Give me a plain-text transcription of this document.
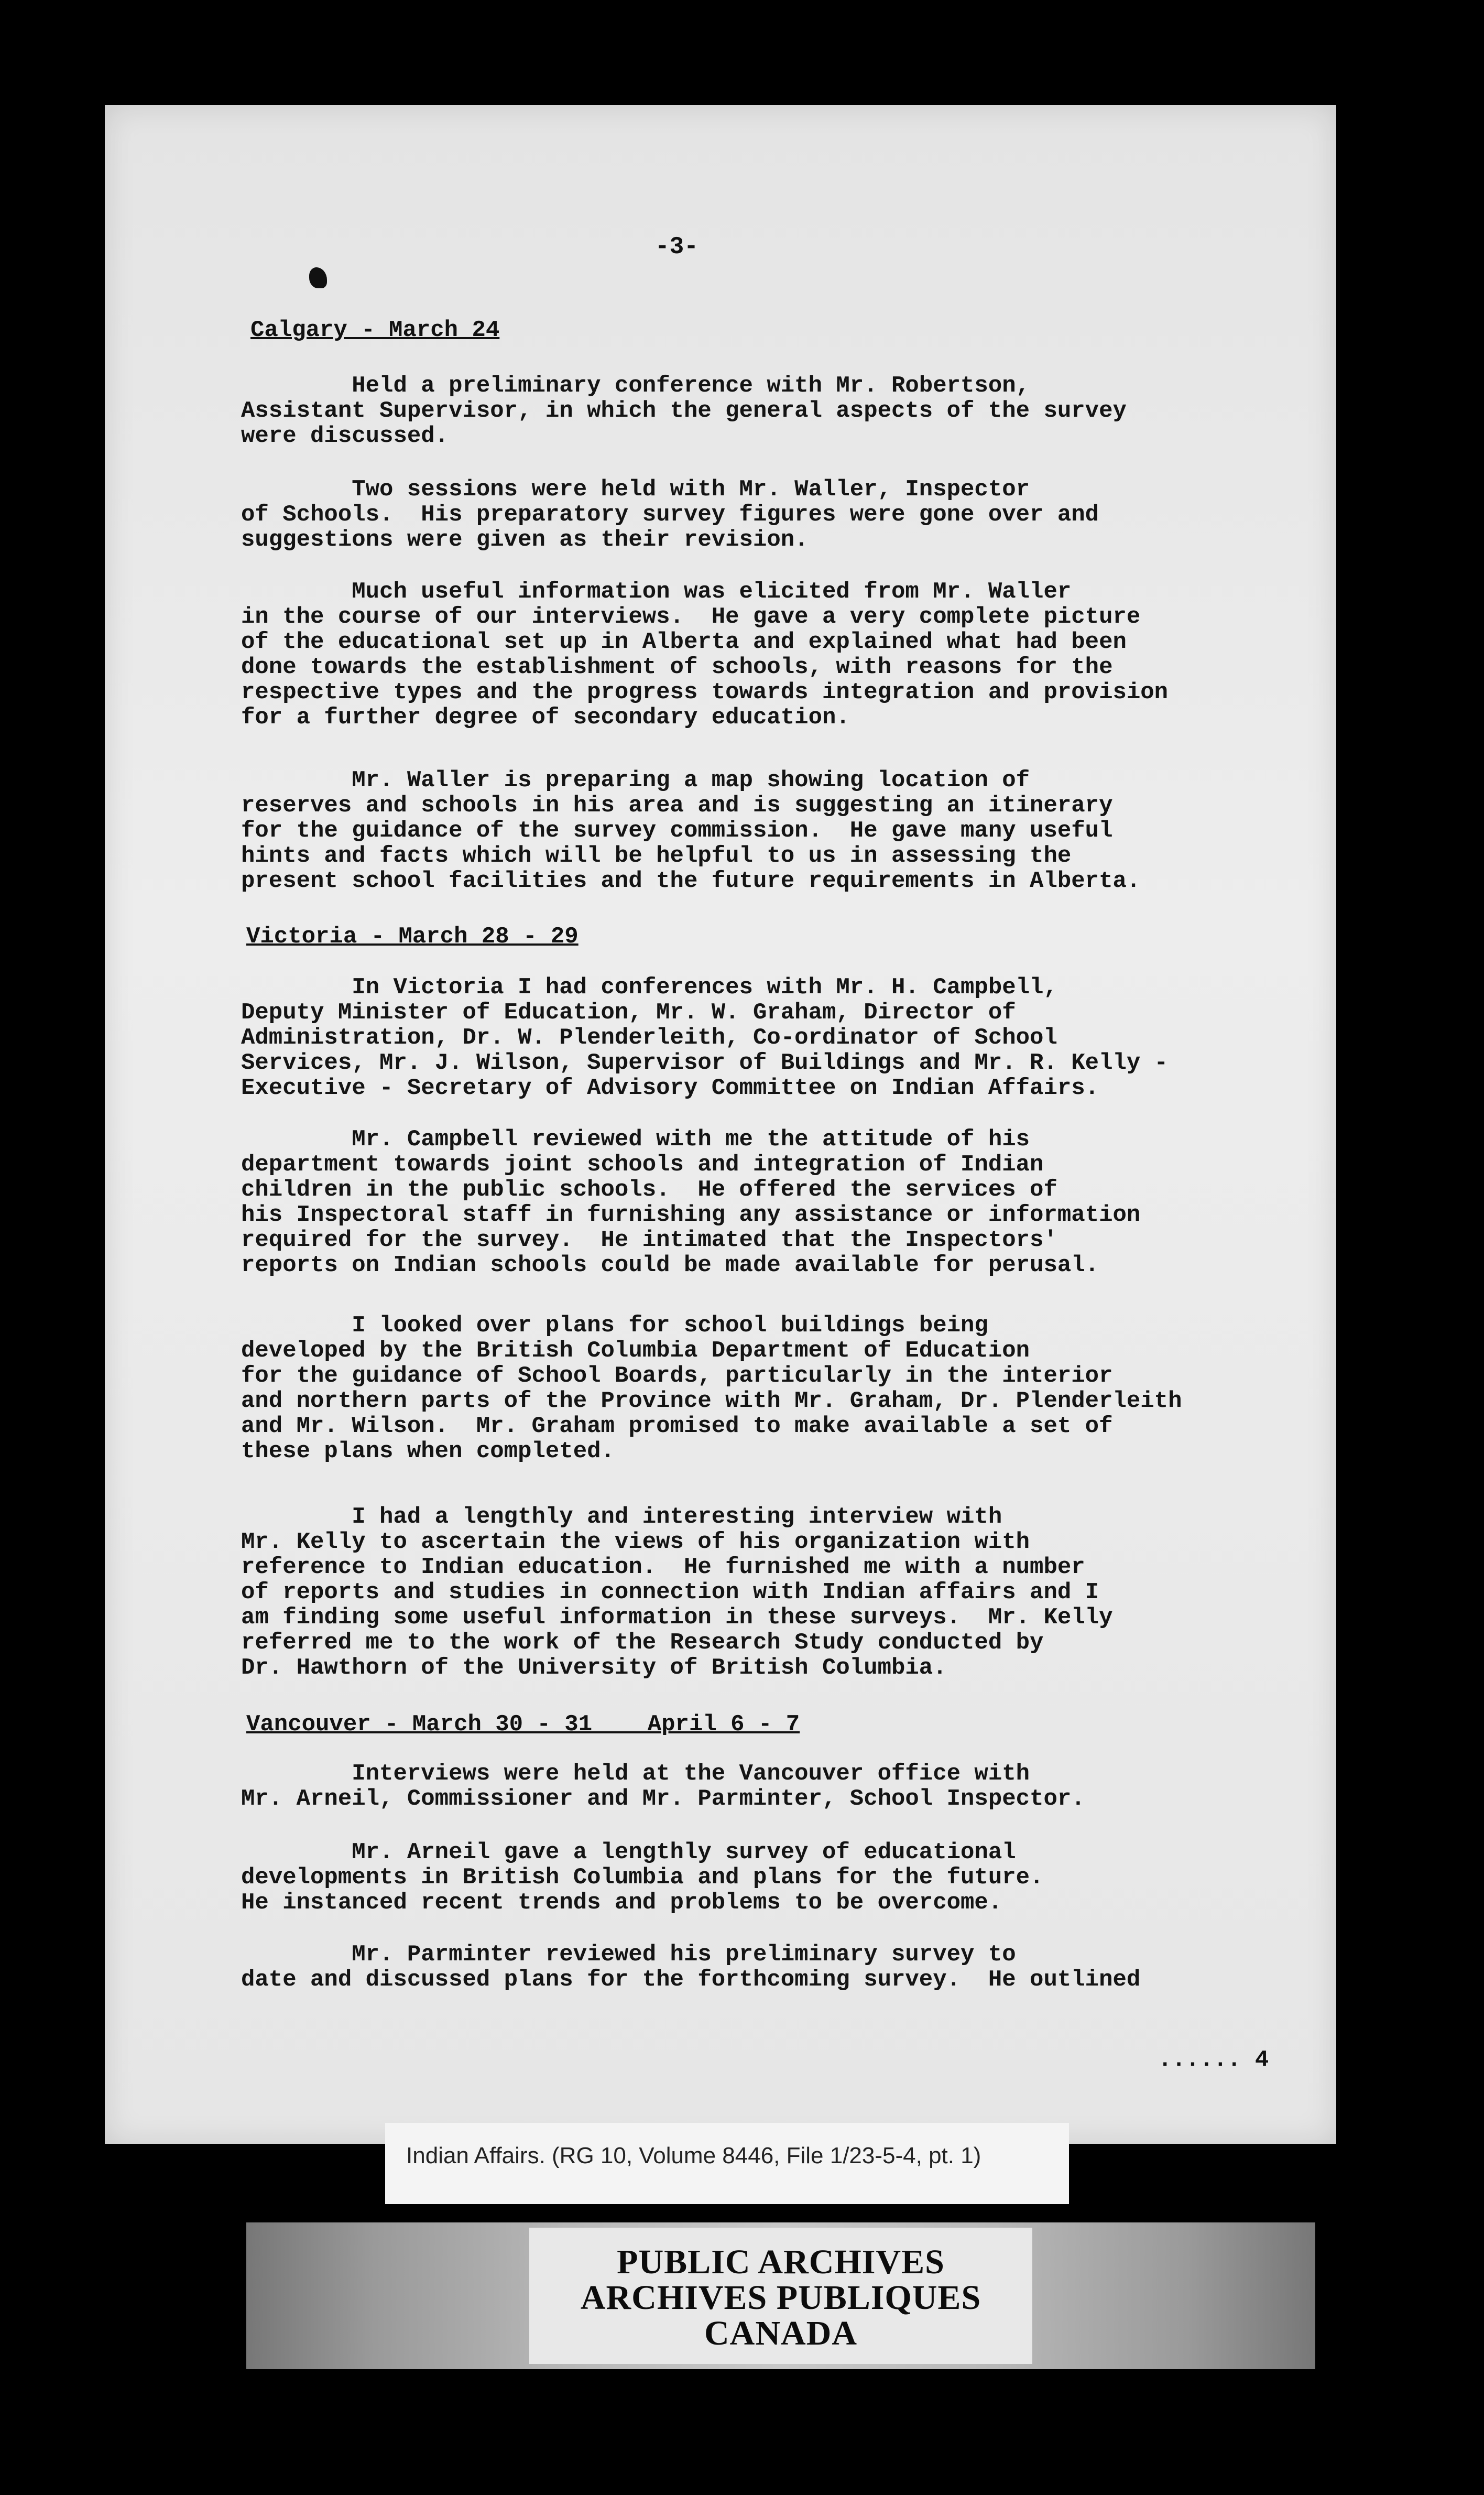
-3-
Calgary - March 24

Held a preliminary conference with Mr. Robertson,
Assistant Supervisor, in which the general aspects of the survey
were discussed.

Two sessions were held with Mr. Waller, Inspector
of Schools.  His preparatory survey figures were gone over and
suggestions were given as their revision.

Much useful information was elicited from Mr. Waller
in the course of our interviews.  He gave a very complete picture
of the educational set up in Alberta and explained what had been
done towards the establishment of schools, with reasons for the
respective types and the progress towards integration and provision
for a further degree of secondary education.

Mr. Waller is preparing a map showing location of
reserves and schools in his area and is suggesting an itinerary
for the guidance of the survey commission.  He gave many useful
hints and facts which will be helpful to us in assessing the
present school facilities and the future requirements in Alberta.

Victoria - March 28 - 29

In Victoria I had conferences with Mr. H. Campbell,
Deputy Minister of Education, Mr. W. Graham, Director of
Administration, Dr. W. Plenderleith, Co-ordinator of School
Services, Mr. J. Wilson, Supervisor of Buildings and Mr. R. Kelly -
Executive - Secretary of Advisory Committee on Indian Affairs.

Mr. Campbell reviewed with me the attitude of his
department towards joint schools and integration of Indian
children in the public schools.  He offered the services of
his Inspectoral staff in furnishing any assistance or information
required for the survey.  He intimated that the Inspectors'
reports on Indian schools could be made available for perusal.

I looked over plans for school buildings being
developed by the British Columbia Department of Education
for the guidance of School Boards, particularly in the interior
and northern parts of the Province with Mr. Graham, Dr. Plenderleith
and Mr. Wilson.  Mr. Graham promised to make available a set of
these plans when completed.

I had a lengthly and interesting interview with
Mr. Kelly to ascertain the views of his organization with
reference to Indian education.  He furnished me with a number
of reports and studies in connection with Indian affairs and I
am finding some useful information in these surveys.  Mr. Kelly
referred me to the work of the Research Study conducted by
Dr. Hawthorn of the University of British Columbia.

Vancouver - March 30 - 31    April 6 - 7

Interviews were held at the Vancouver office with
Mr. Arneil, Commissioner and Mr. Parminter, School Inspector.

Mr. Arneil gave a lengthly survey of educational
developments in British Columbia and plans for the future.
He instanced recent trends and problems to be overcome.

Mr. Parminter reviewed his preliminary survey to
date and discussed plans for the forthcoming survey.  He outlined

...... 4
Indian Affairs. (RG 10, Volume 8446, File 1/23-5-4, pt. 1)
PUBLIC ARCHIVES
ARCHIVES PUBLIQUES
CANADA
